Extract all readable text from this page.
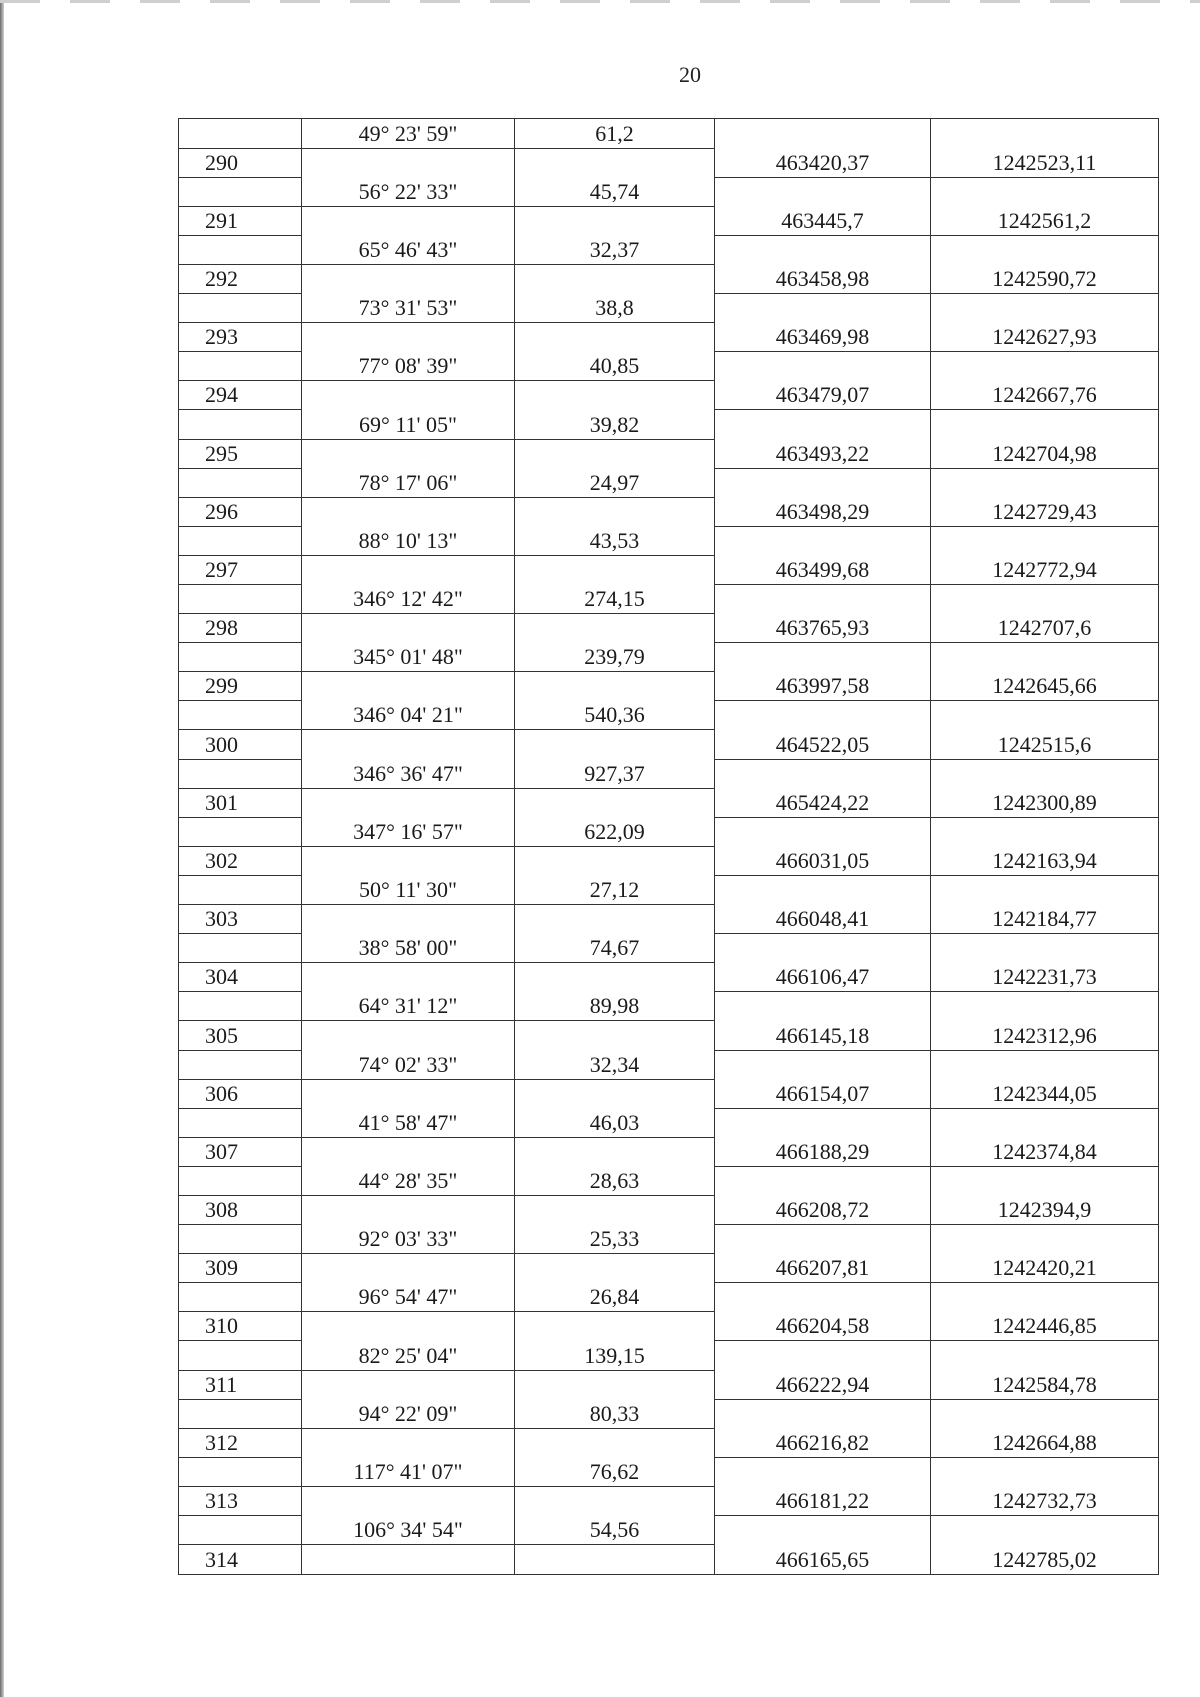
20
	49° 23' 59"	61,2		
290			463420,37	1242523,11
	56° 22' 33"	45,74		
291			463445,7	1242561,2
	65° 46' 43"	32,37		
292			463458,98	1242590,72
	73° 31' 53"	38,8		
293			463469,98	1242627,93
	77° 08' 39"	40,85		
294			463479,07	1242667,76
	69° 11' 05"	39,82		
295			463493,22	1242704,98
	78° 17' 06"	24,97		
296			463498,29	1242729,43
	88° 10' 13"	43,53		
297			463499,68	1242772,94
	346° 12' 42"	274,15		
298			463765,93	1242707,6
	345° 01' 48"	239,79		
299			463997,58	1242645,66
	346° 04' 21"	540,36		
300			464522,05	1242515,6
	346° 36' 47"	927,37		
301			465424,22	1242300,89
	347° 16' 57"	622,09		
302			466031,05	1242163,94
	50° 11' 30"	27,12		
303			466048,41	1242184,77
	38° 58' 00"	74,67		
304			466106,47	1242231,73
	64° 31' 12"	89,98		
305			466145,18	1242312,96
	74° 02' 33"	32,34		
306			466154,07	1242344,05
	41° 58' 47"	46,03		
307			466188,29	1242374,84
	44° 28' 35"	28,63		
308			466208,72	1242394,9
	92° 03' 33"	25,33		
309			466207,81	1242420,21
	96° 54' 47"	26,84		
310			466204,58	1242446,85
	82° 25' 04"	139,15		
311			466222,94	1242584,78
	94° 22' 09"	80,33		
312			466216,82	1242664,88
	117° 41' 07"	76,62		
313			466181,22	1242732,73
	106° 34' 54"	54,56		
314			466165,65	1242785,02
